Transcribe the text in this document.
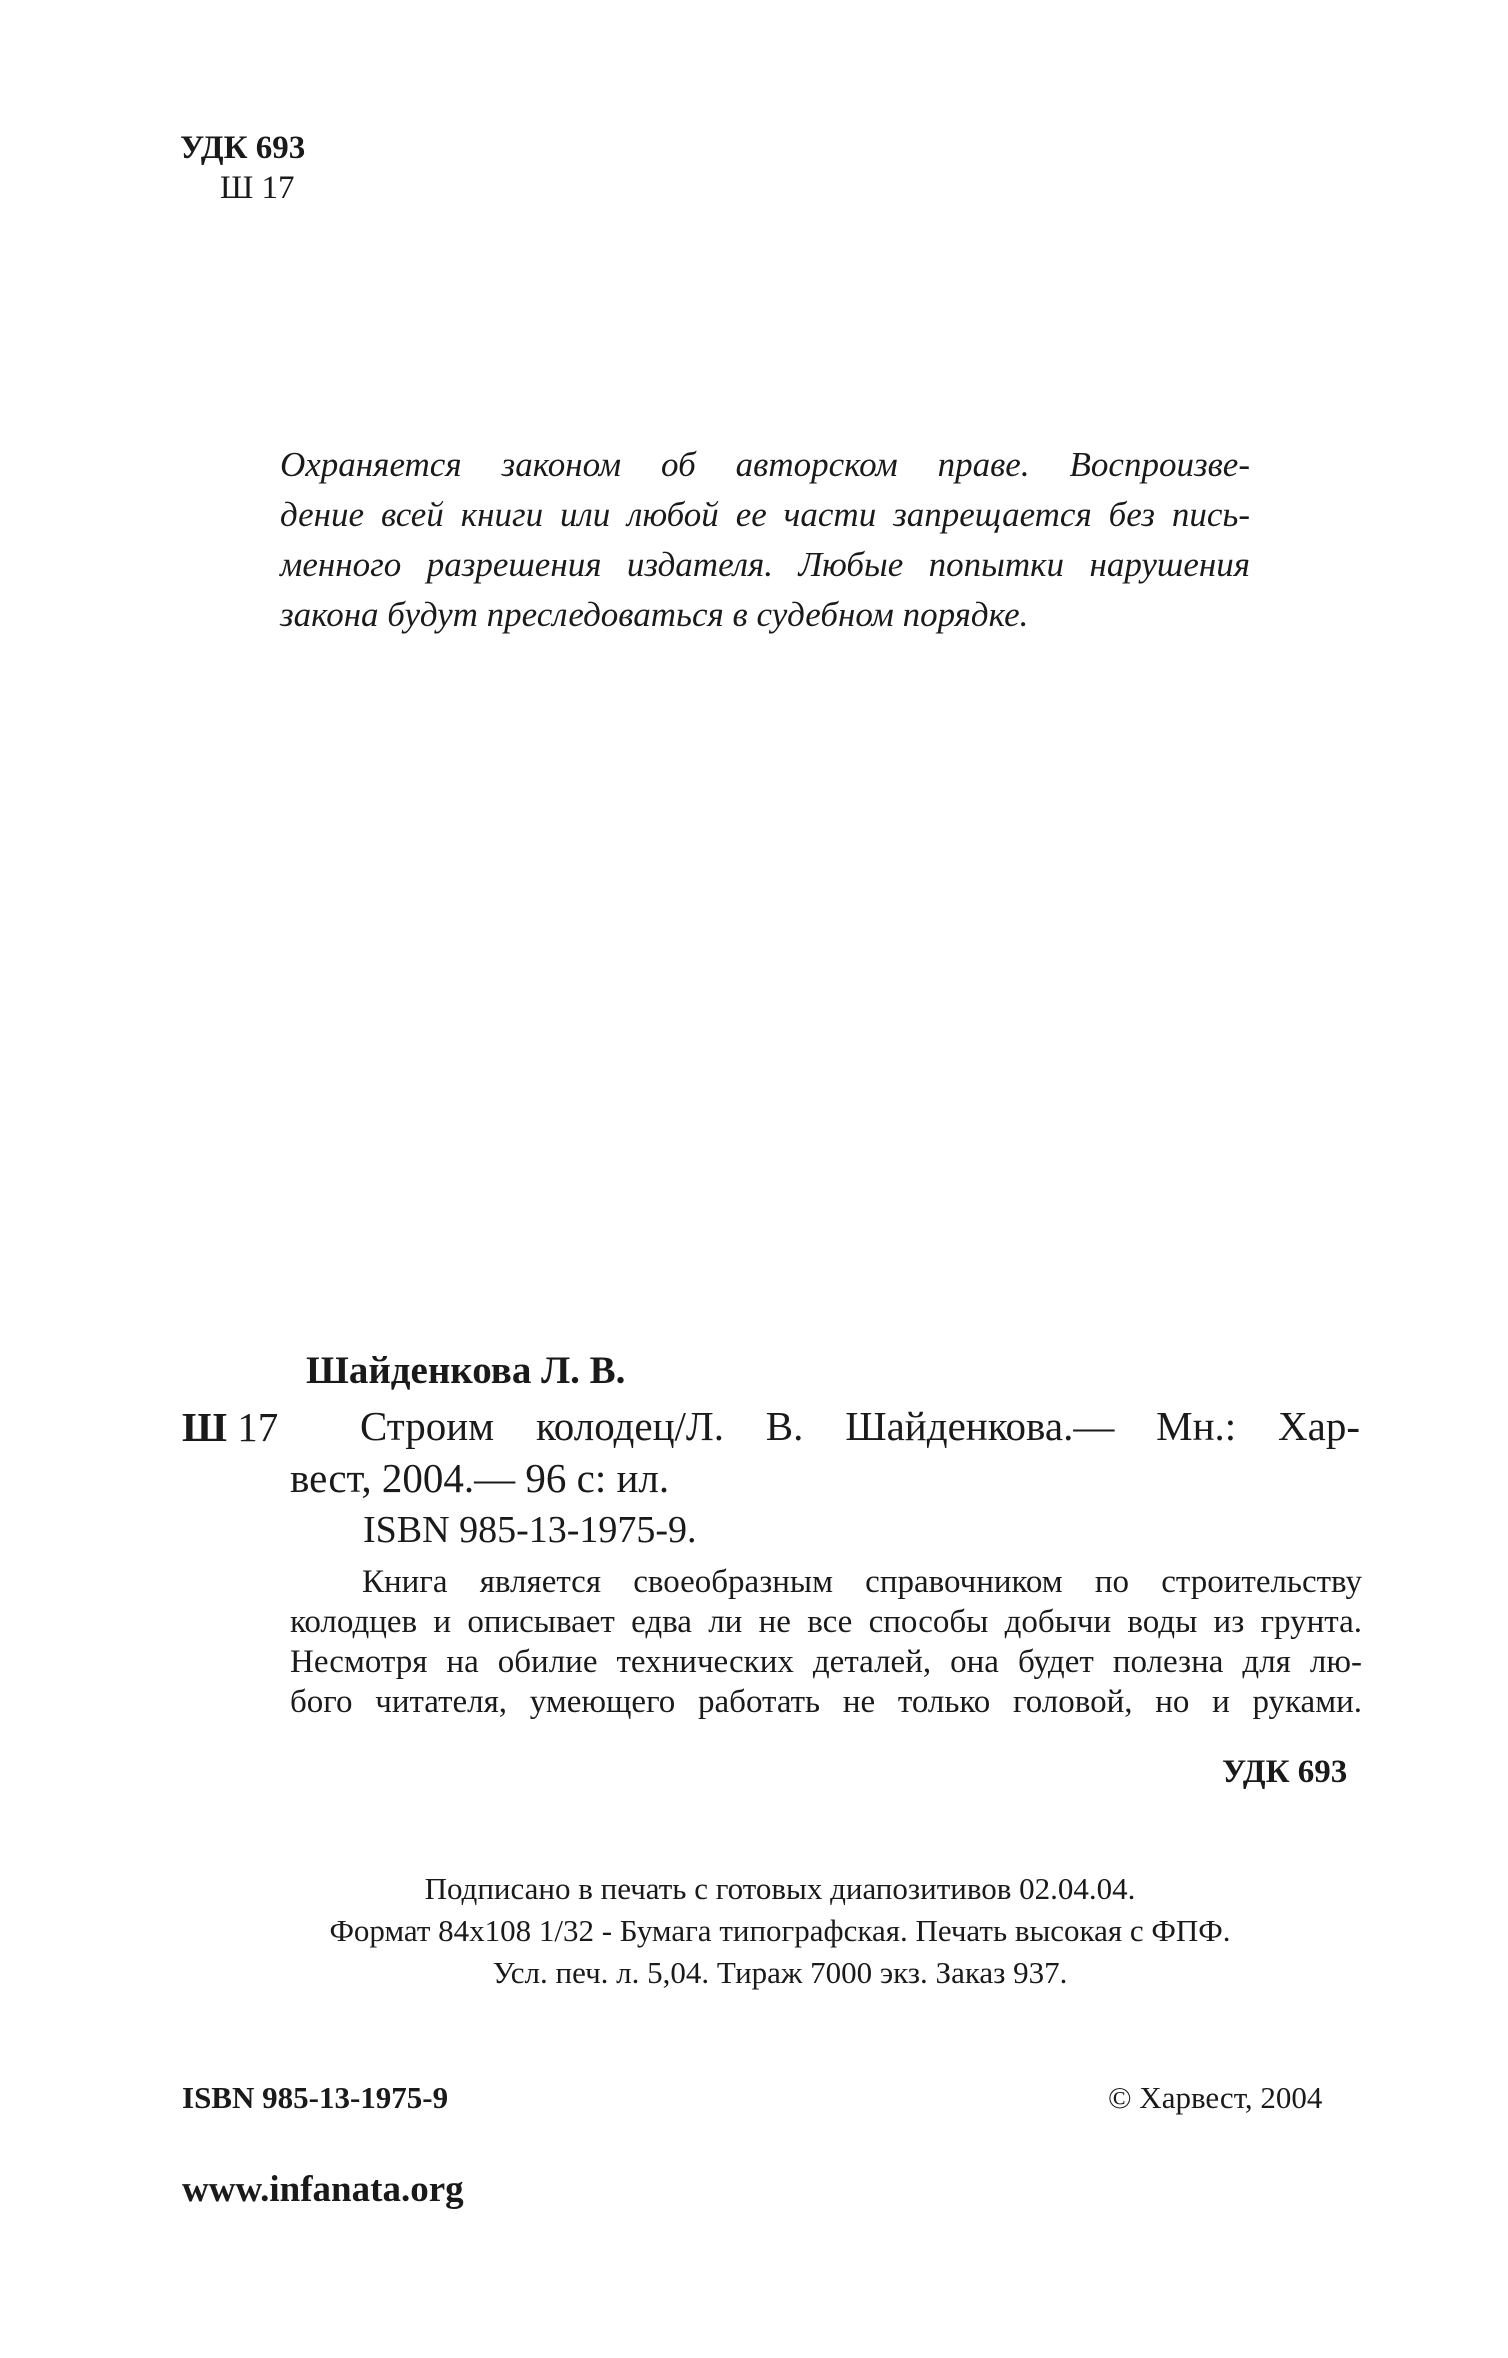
УДК 693
Ш 17
Охраняется законом об авторском праве. Воспроизве-
дение всей книги или любой ее части запрещается без пись-
менного разрешения издателя. Любые попытки нарушения
закона будут преследоваться в судебном порядке.
Шайденкова Л. В.
Ш 17 Строим колодец/Л. В. Шайденкова.— Мн.: Хар-
вест, 2004.— 96 с: ил.
ISBN 985-13-1975-9.
Книга является своеобразным справочником по строительству
колодцев и описывает едва ли не все способы добычи воды из грунта.
Несмотря на обилие технических деталей, она будет полезна для лю-
бого читателя, умеющего работать не только головой, но и руками.
УДК 693
Подписано в печать с готовых диапозитивов 02.04.04.
Формат 84x108 1/32 - Бумага типографская. Печать высокая с ФПФ.
Усл. печ. л. 5,04. Тираж 7000 экз. Заказ 937.
ISBN 985-13-1975-9	© Харвест, 2004
www.infanata.org
